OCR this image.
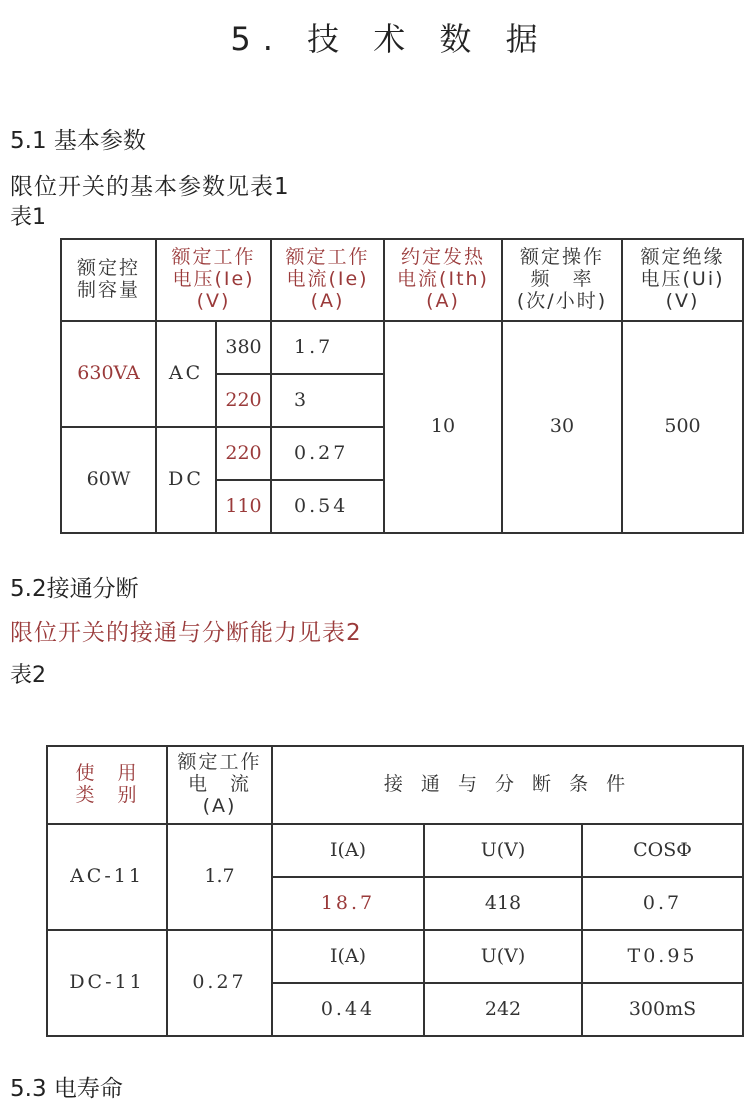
5. 技 术 数 据
5.1 基本参数
限位开关的基本参数见表1
表1
额定控
制容量	额定工作
电压(Ie)
(V)		额定工作
电流(Ie)
(A)	约定发热
电流(Ith)
(A)	额定操作
频　率
(次/小时)	额定绝缘
电压(Ui)
(V)
630VA	AC	380	1.7	10	30	500
		220	3			
60W	DC	220	0.27			
		110	0.54			
5.2接通分断
限位开关的接通与分断能力见表2
表2
使　用
类　别	额定工作
电　流
(A)	接 通 与 分 断 条 件		
AC-11	1.7	I(A)	U(V)	COSΦ
		18.7	418	0.7
DC-11	0.27	I(A)	U(V)	T0.95
		0.44	242	300mS
5.3 电寿命
